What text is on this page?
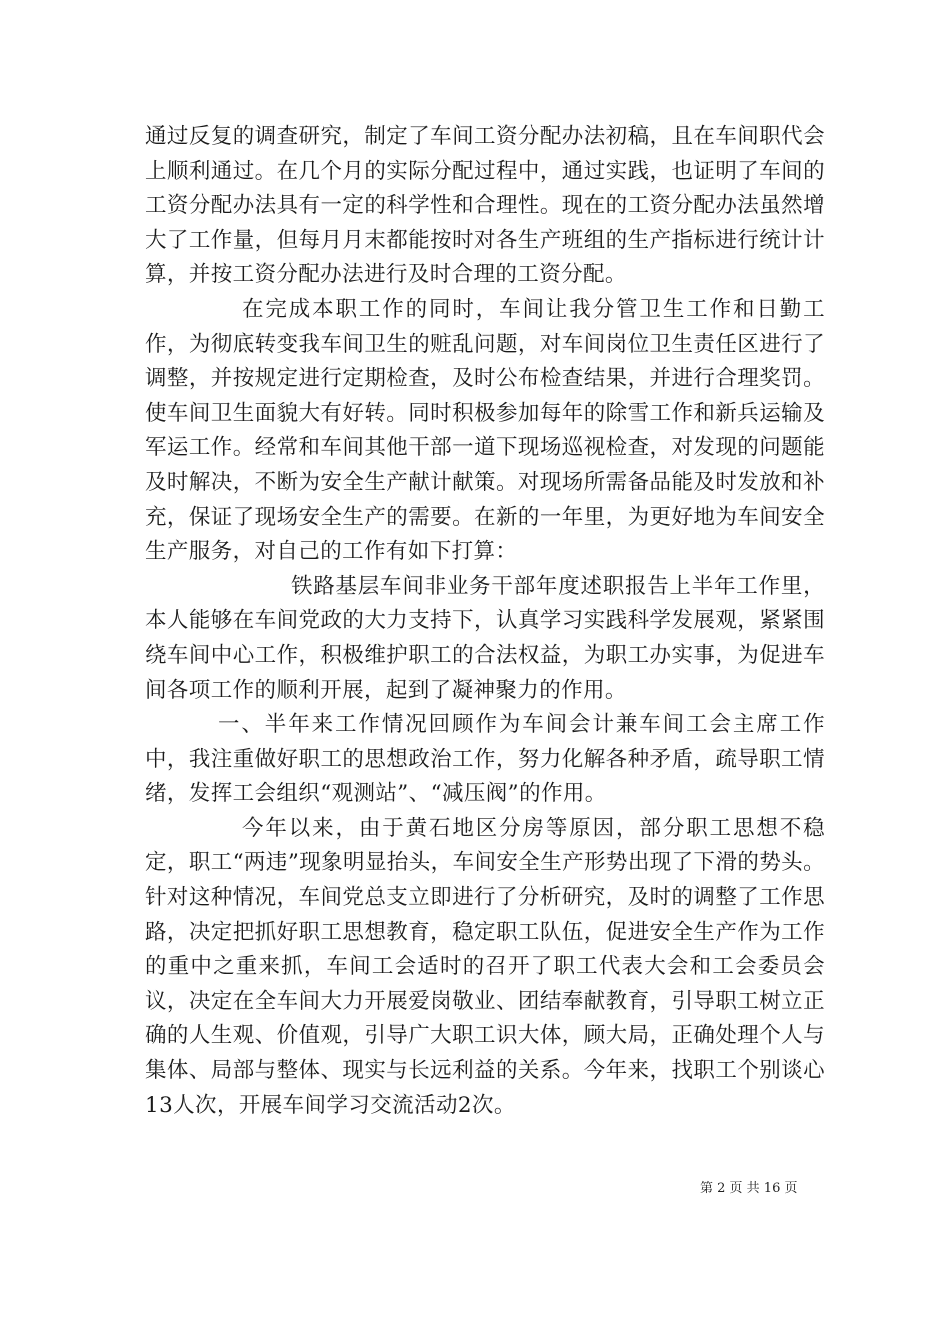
通过反复的调查研究，制定了车间工资分配办法初稿，且在车间职代会上顺利通过。在几个月的实际分配过程中，通过实践，也证明了车间的工资分配办法具有一定的科学性和合理性。现在的工资分配办法虽然增大了工作量，但每月月末都能按时对各生产班组的生产指标进行统计计算，并按工资分配办法进行及时合理的工资分配。

在完成本职工作的同时，车间让我分管卫生工作和日勤工作，为彻底转变我车间卫生的赃乱问题，对车间岗位卫生责任区进行了调整，并按规定进行定期检查，及时公布检查结果，并进行合理奖罚。使车间卫生面貌大有好转。同时积极参加每年的除雪工作和新兵运输及军运工作。经常和车间其他干部一道下现场巡视检查，对发现的问题能及时解决，不断为安全生产献计献策。对现场所需备品能及时发放和补充，保证了现场安全生产的需要。在新的一年里，为更好地为车间安全生产服务，对自己的工作有如下打算：

铁路基层车间非业务干部年度述职报告上半年工作里，本人能够在车间党政的大力支持下，认真学习实践科学发展观，紧紧围绕车间中心工作，积极维护职工的合法权益，为职工办实事，为促进车间各项工作的顺利开展，起到了凝神聚力的作用。

一、半年来工作情况回顾作为车间会计兼车间工会主席工作中，我注重做好职工的思想政治工作，努力化解各种矛盾，疏导职工情绪，发挥工会组织“观测站”、“减压阀”的作用。

今年以来，由于黄石地区分房等原因，部分职工思想不稳定，职工“两违”现象明显抬头，车间安全生产形势出现了下滑的势头。针对这种情况，车间党总支立即进行了分析研究，及时的调整了工作思路，决定把抓好职工思想教育，稳定职工队伍，促进安全生产作为工作的重中之重来抓，车间工会适时的召开了职工代表大会和工会委员会议，决定在全车间大力开展爱岗敬业、团结奉献教育，引导职工树立正确的人生观、价值观，引导广大职工识大体，顾大局，正确处理个人与集体、局部与整体、现实与长远利益的关系。今年来，找职工个别谈心13人次，开展车间学习交流活动2次。

第 2 页 共 16 页
